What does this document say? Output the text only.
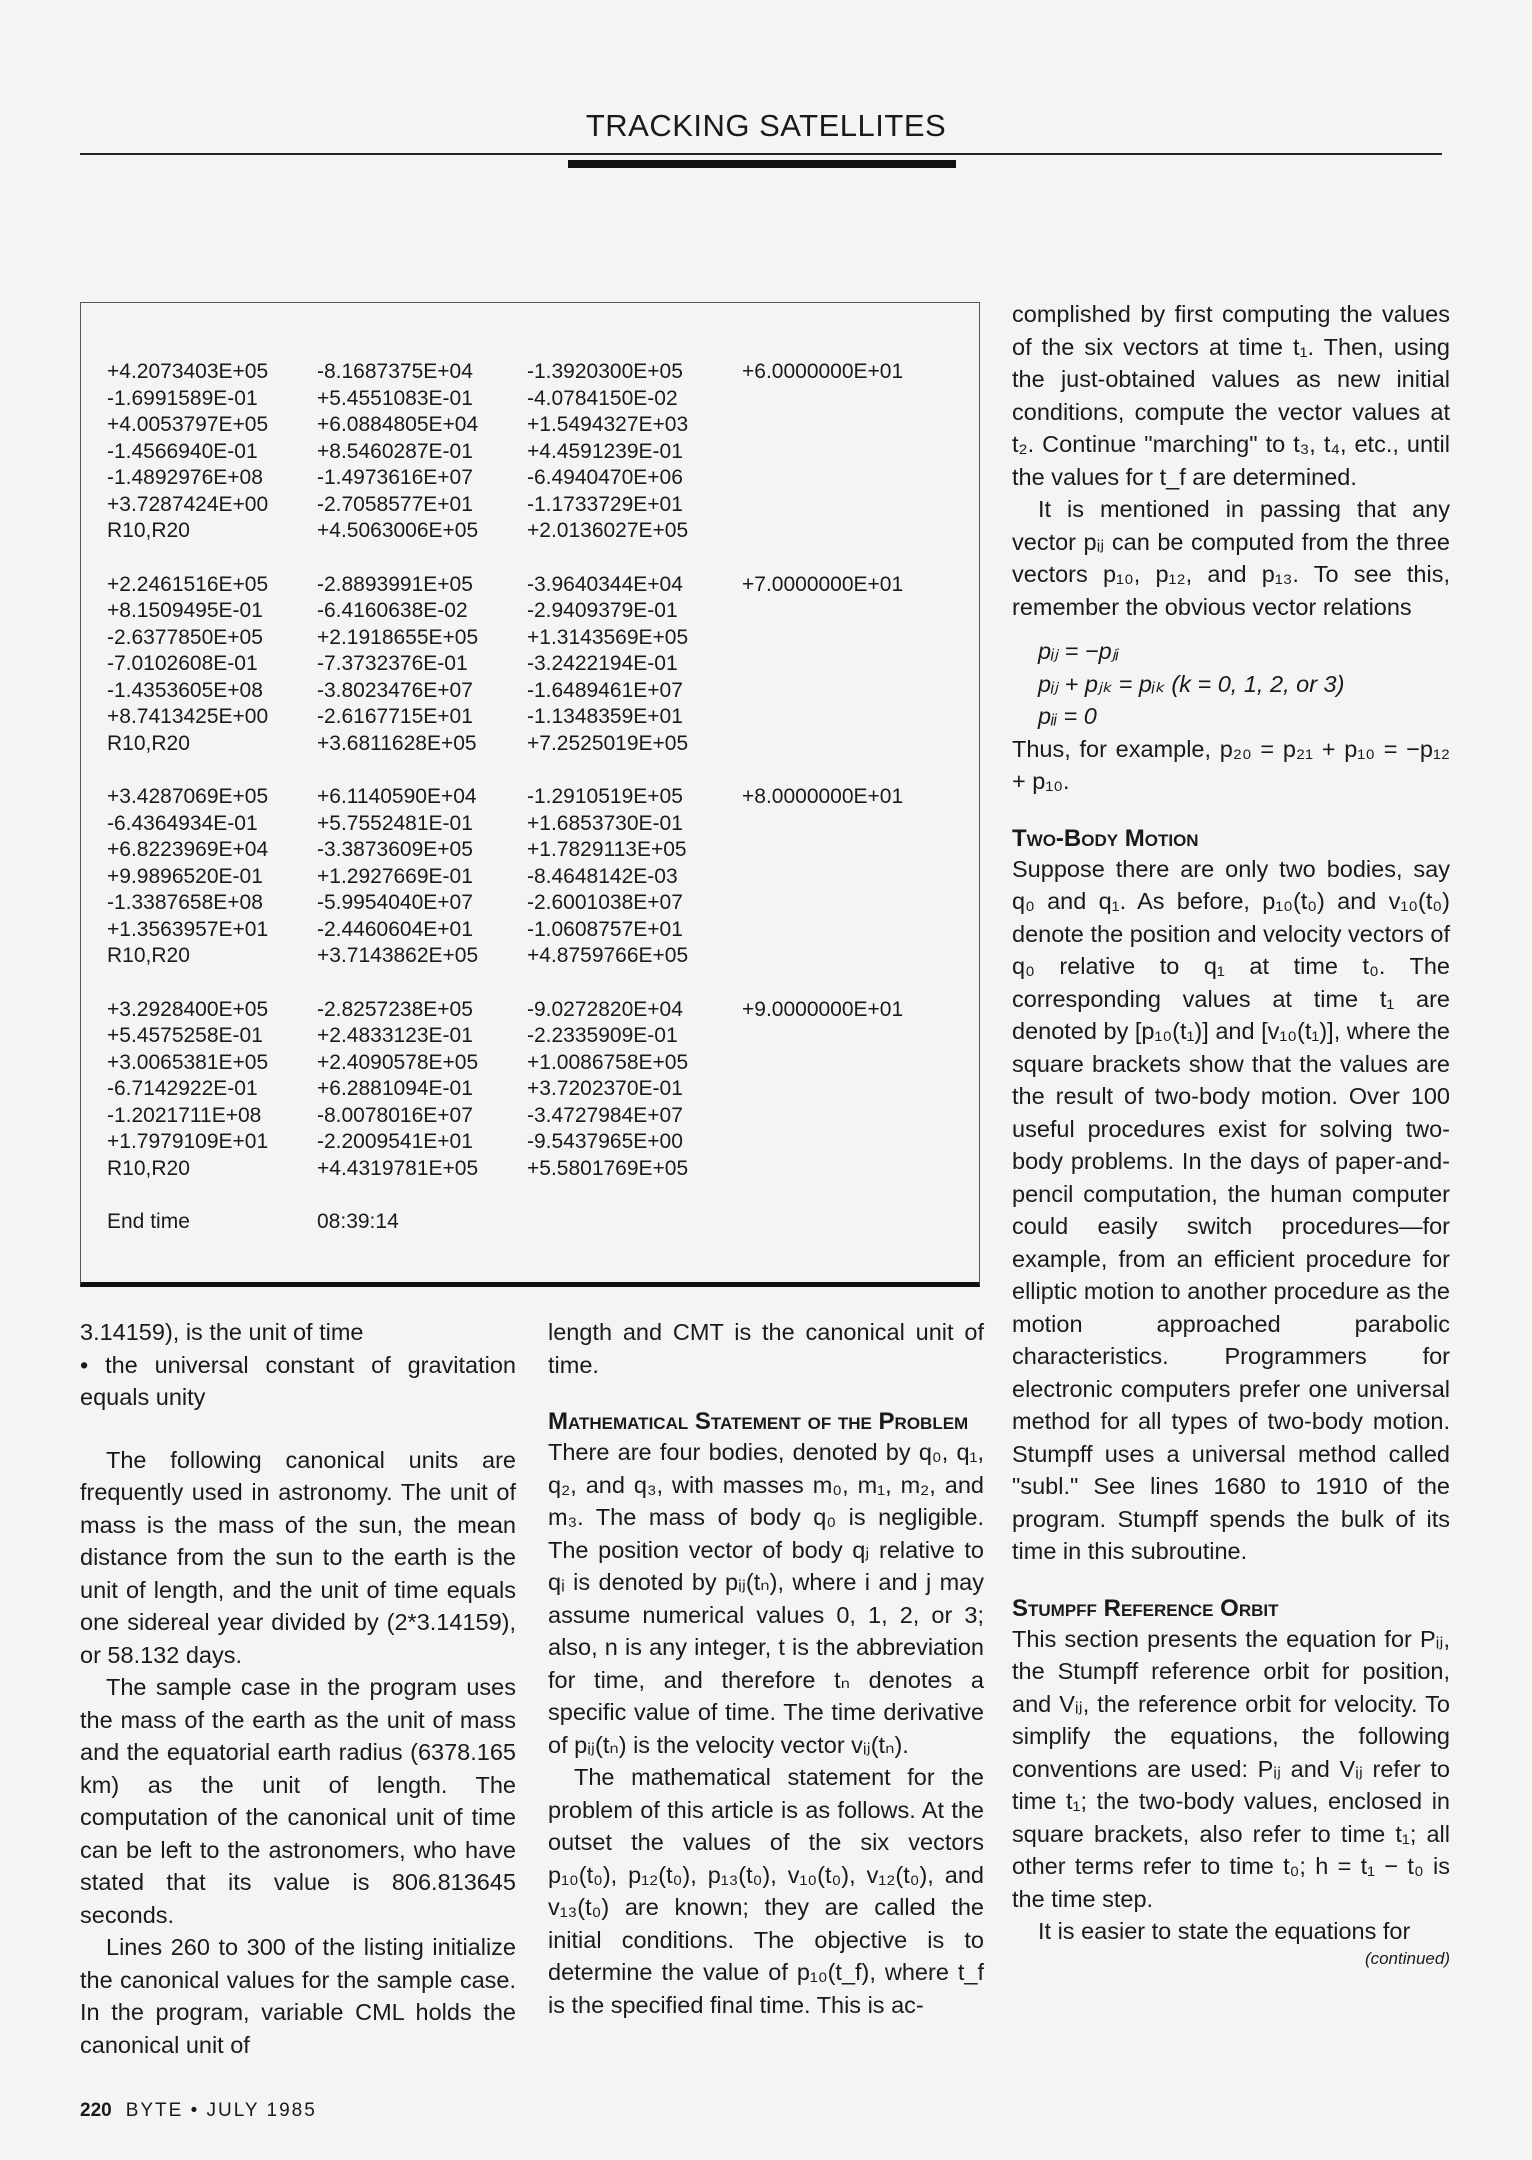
TRACKING SATELLITES
+4.2073403E+05	-8.1687375E+04	-1.3920300E+05	+6.0000000E+01
-1.6991589E-01	+5.4551083E-01	-4.0784150E-02
+4.0053797E+05	+6.0884805E+04	+1.5494327E+03
-1.4566940E-01	+8.5460287E-01	+4.4591239E-01
-1.4892976E+08	-1.4973616E+07	-6.4940470E+06
+3.7287424E+00	-2.7058577E+01	-1.1733729E+01
R10,R20	+4.5063006E+05	+2.0136027E+05
+2.2461516E+05	-2.8893991E+05	-3.9640344E+04	+7.0000000E+01
+8.1509495E-01	-6.4160638E-02	-2.9409379E-01
-2.6377850E+05	+2.1918655E+05	+1.3143569E+05
-7.0102608E-01	-7.3732376E-01	-3.2422194E-01
-1.4353605E+08	-3.8023476E+07	-1.6489461E+07
+8.7413425E+00	-2.6167715E+01	-1.1348359E+01
R10,R20	+3.6811628E+05	+7.2525019E+05
+3.4287069E+05	+6.1140590E+04	-1.2910519E+05	+8.0000000E+01
-6.4364934E-01	+5.7552481E-01	+1.6853730E-01
+6.8223969E+04	-3.3873609E+05	+1.7829113E+05
+9.9896520E-01	+1.2927669E-01	-8.4648142E-03
-1.3387658E+08	-5.9954040E+07	-2.6001038E+07
+1.3563957E+01	-2.4460604E+01	-1.0608757E+01
R10,R20	+3.7143862E+05	+4.8759766E+05
+3.2928400E+05	-2.8257238E+05	-9.0272820E+04	+9.0000000E+01
+5.4575258E-01	+2.4833123E-01	-2.2335909E-01
+3.0065381E+05	+2.4090578E+05	+1.0086758E+05
-6.7142922E-01	+6.2881094E-01	+3.7202370E-01
-1.2021711E+08	-8.0078016E+07	-3.4727984E+07
+1.7979109E+01	-2.2009541E+01	-9.5437965E+00
R10,R20	+4.4319781E+05	+5.5801769E+05
End time	08:39:14

3.14159), is the unit of time

• the universal constant of gravitation equals unity

The following canonical units are frequently used in astronomy. The unit of mass is the mass of the sun, the mean distance from the sun to the earth is the unit of length, and the unit of time equals one sidereal year divided by (2*3.14159), or 58.132 days.

The sample case in the program uses the mass of the earth as the unit of mass and the equatorial earth radius (6378.165 km) as the unit of length. The computation of the canonical unit of time can be left to the astronomers, who have stated that its value is 806.813645 seconds.

Lines 260 to 300 of the listing initialize the canonical values for the sample case. In the program, variable CML holds the canonical unit of

length and CMT is the canonical unit of time.

Mathematical Statement of the Problem

There are four bodies, denoted by q₀, q₁, q₂, and q₃, with masses m₀, m₁, m₂, and m₃. The mass of body q₀ is negligible. The position vector of body qⱼ relative to qᵢ is denoted by pᵢⱼ(tₙ), where i and j may assume numerical values 0, 1, 2, or 3; also, n is any integer, t is the abbreviation for time, and therefore tₙ denotes a specific value of time. The time derivative of pᵢⱼ(tₙ) is the velocity vector vᵢⱼ(tₙ).

The mathematical statement for the problem of this article is as follows. At the outset the values of the six vectors p₁₀(t₀), p₁₂(t₀), p₁₃(t₀), v₁₀(t₀), v₁₂(t₀), and v₁₃(t₀) are known; they are called the initial conditions. The objective is to determine the value of p₁₀(t_f), where t_f is the specified final time. This is ac-

complished by first computing the values of the six vectors at time t₁. Then, using the just-obtained values as new initial conditions, compute the vector values at t₂. Continue "marching" to t₃, t₄, etc., until the values for t_f are determined.

It is mentioned in passing that any vector pᵢⱼ can be computed from the three vectors p₁₀, p₁₂, and p₁₃. To see this, remember the obvious vector relations

pᵢⱼ = −pⱼᵢ

pᵢⱼ + pⱼₖ = pᵢₖ (k = 0, 1, 2, or 3)

pᵢᵢ = 0

Thus, for example, p₂₀ = p₂₁ + p₁₀ = −p₁₂ + p₁₀.

Two-Body Motion

Suppose there are only two bodies, say q₀ and q₁. As before, p₁₀(t₀) and v₁₀(t₀) denote the position and velocity vectors of q₀ relative to q₁ at time t₀. The corresponding values at time t₁ are denoted by [p₁₀(t₁)] and [v₁₀(t₁)], where the square brackets show that the values are the result of two-body motion. Over 100 useful procedures exist for solving two-body problems. In the days of paper-and-pencil computation, the human computer could easily switch procedures—for example, from an efficient procedure for elliptic motion to another procedure as the motion approached parabolic characteristics. Programmers for electronic computers prefer one universal method for all types of two-body motion. Stumpff uses a universal method called "subl." See lines 1680 to 1910 of the program. Stumpff spends the bulk of its time in this subroutine.

Stumpff Reference Orbit

This section presents the equation for Pᵢⱼ, the Stumpff reference orbit for position, and Vᵢⱼ, the reference orbit for velocity. To simplify the equations, the following conventions are used: Pᵢⱼ and Vᵢⱼ refer to time t₁; the two-body values, enclosed in square brackets, also refer to time t₁; all other terms refer to time t₀; h = t₁ − t₀ is the time step.

It is easier to state the equations for

(continued)
220 BYTE • JULY 1985
